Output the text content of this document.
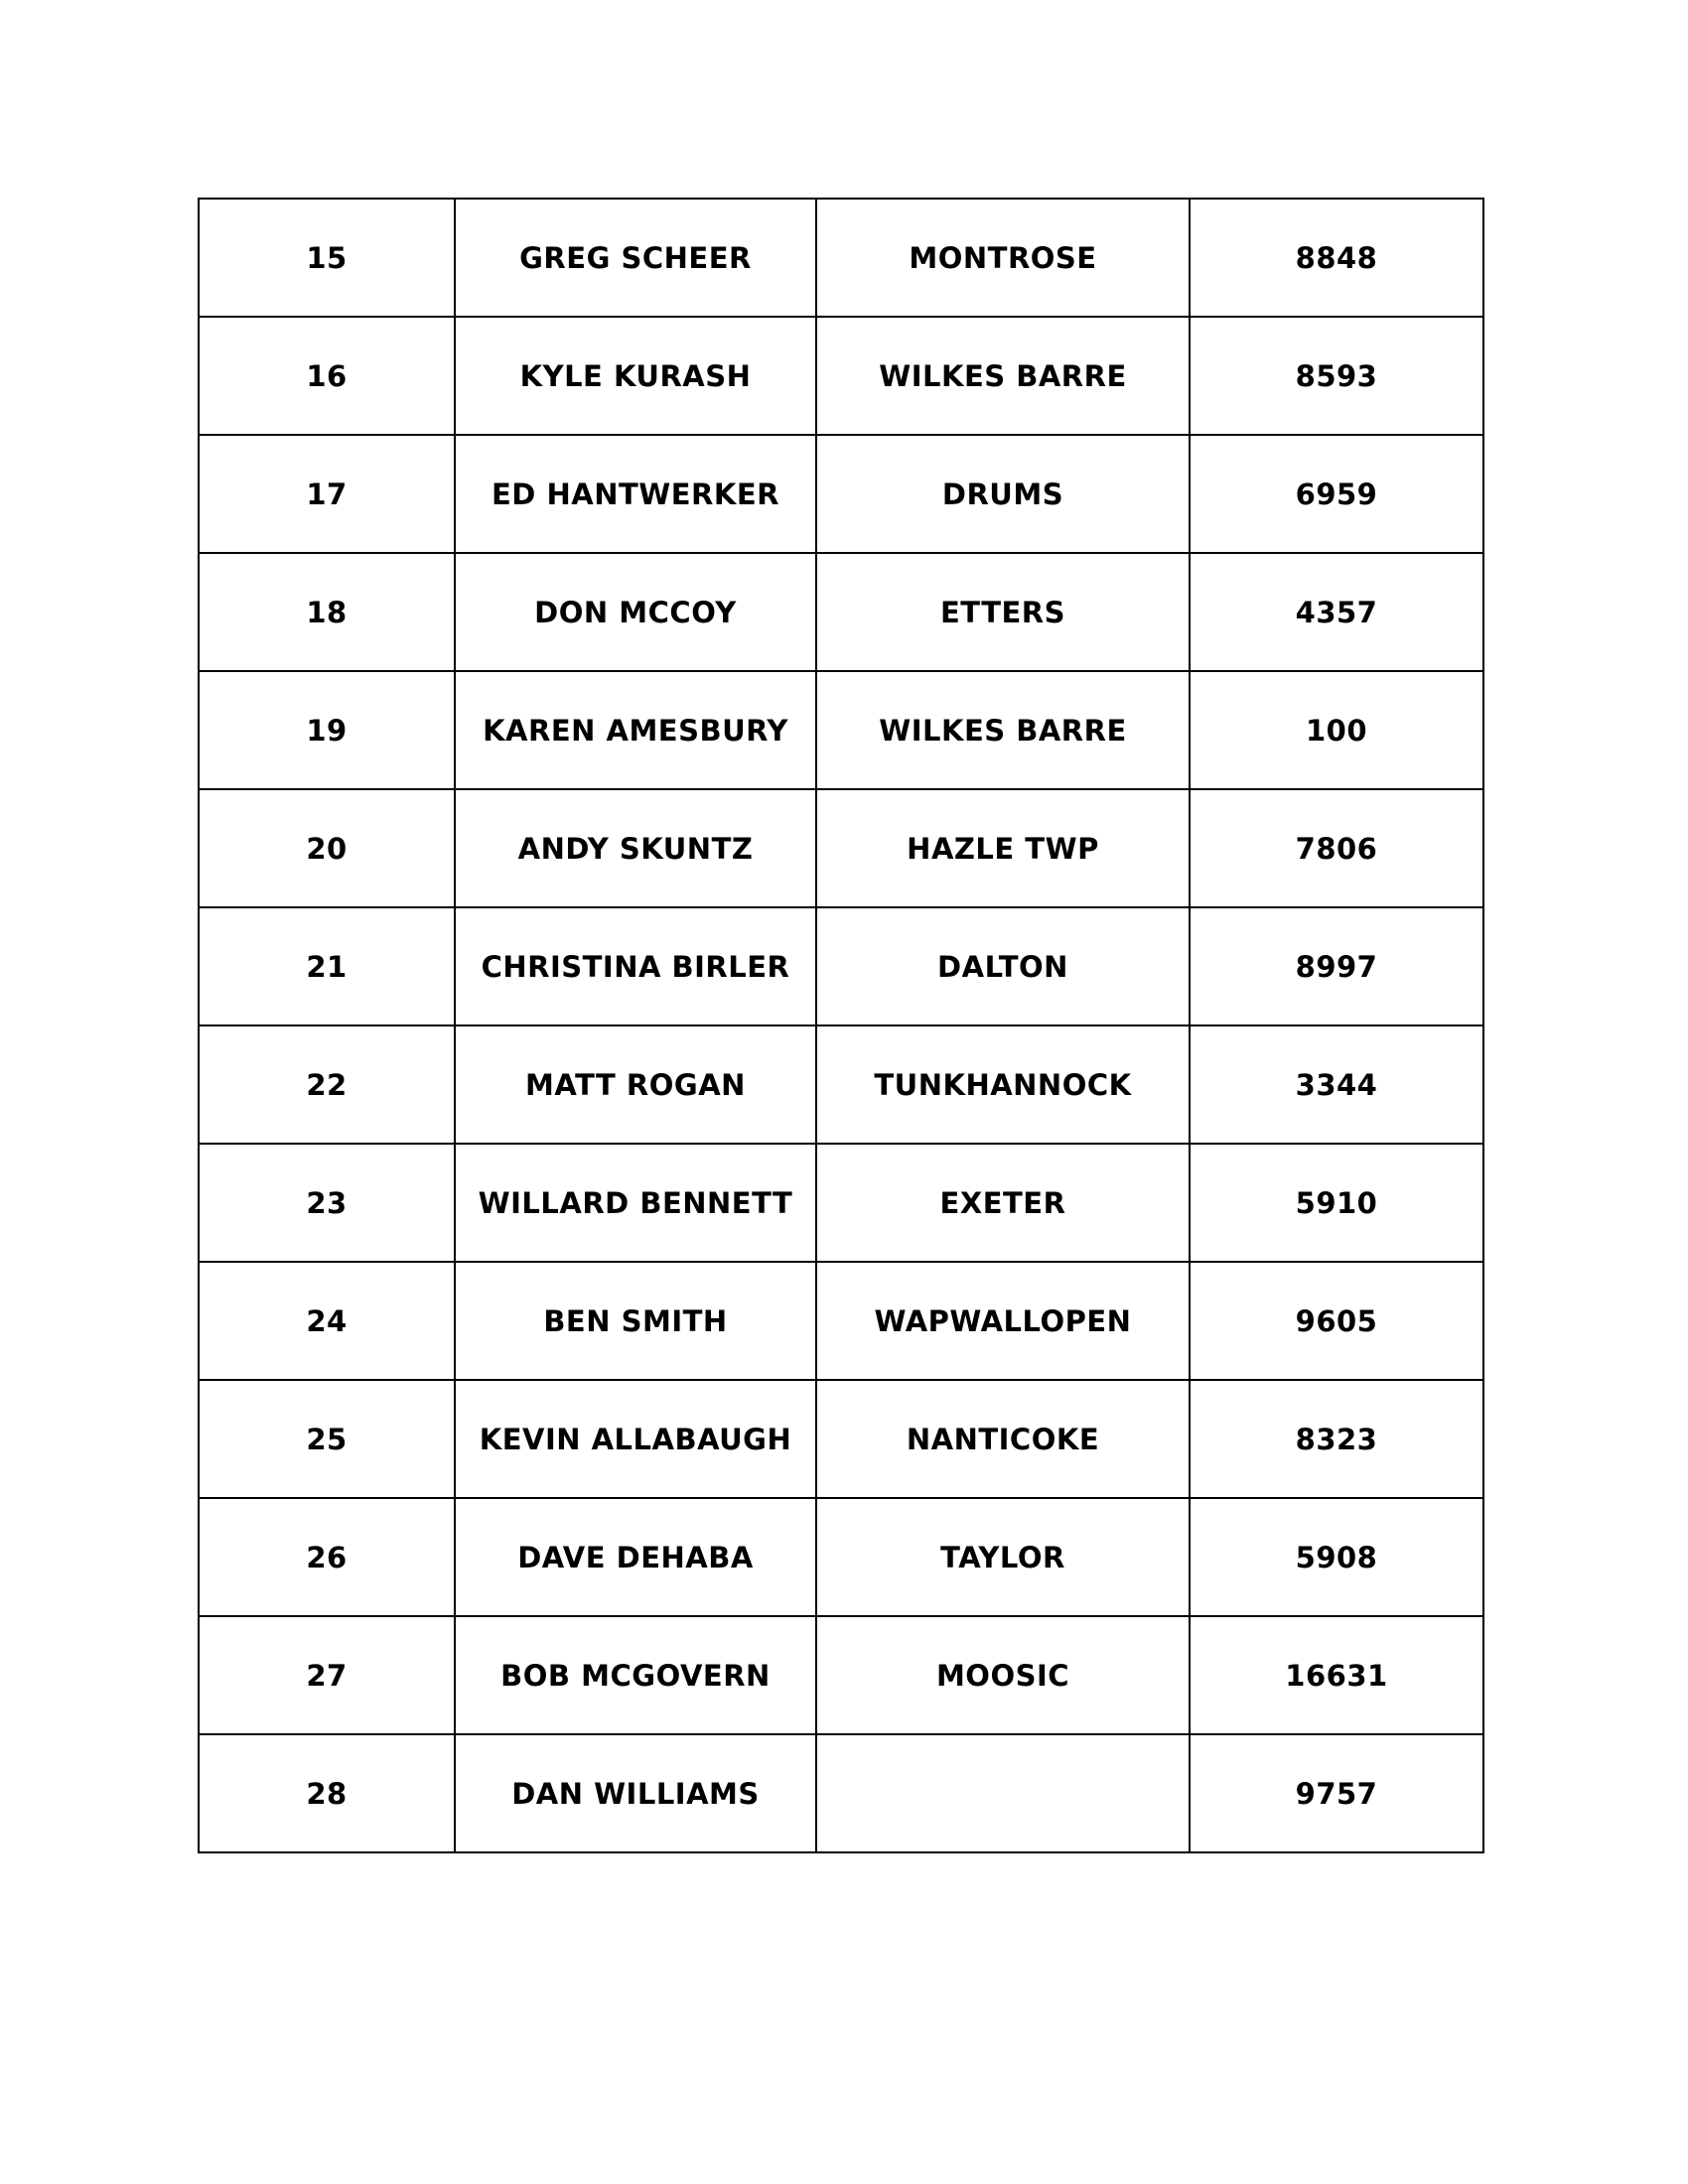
15	GREG SCHEER	MONTROSE	8848
16	KYLE KURASH	WILKES BARRE	8593
17	ED HANTWERKER	DRUMS	6959
18	DON MCCOY	ETTERS	4357
19	KAREN AMESBURY	WILKES BARRE	100
20	ANDY SKUNTZ	HAZLE TWP	7806
21	CHRISTINA BIRLER	DALTON	8997
22	MATT ROGAN	TUNKHANNOCK	3344
23	WILLARD BENNETT	EXETER	5910
24	BEN SMITH	WAPWALLOPEN	9605
25	KEVIN ALLABAUGH	NANTICOKE	8323
26	DAVE DEHABA	TAYLOR	5908
27	BOB MCGOVERN	MOOSIC	16631
28	DAN WILLIAMS		9757
